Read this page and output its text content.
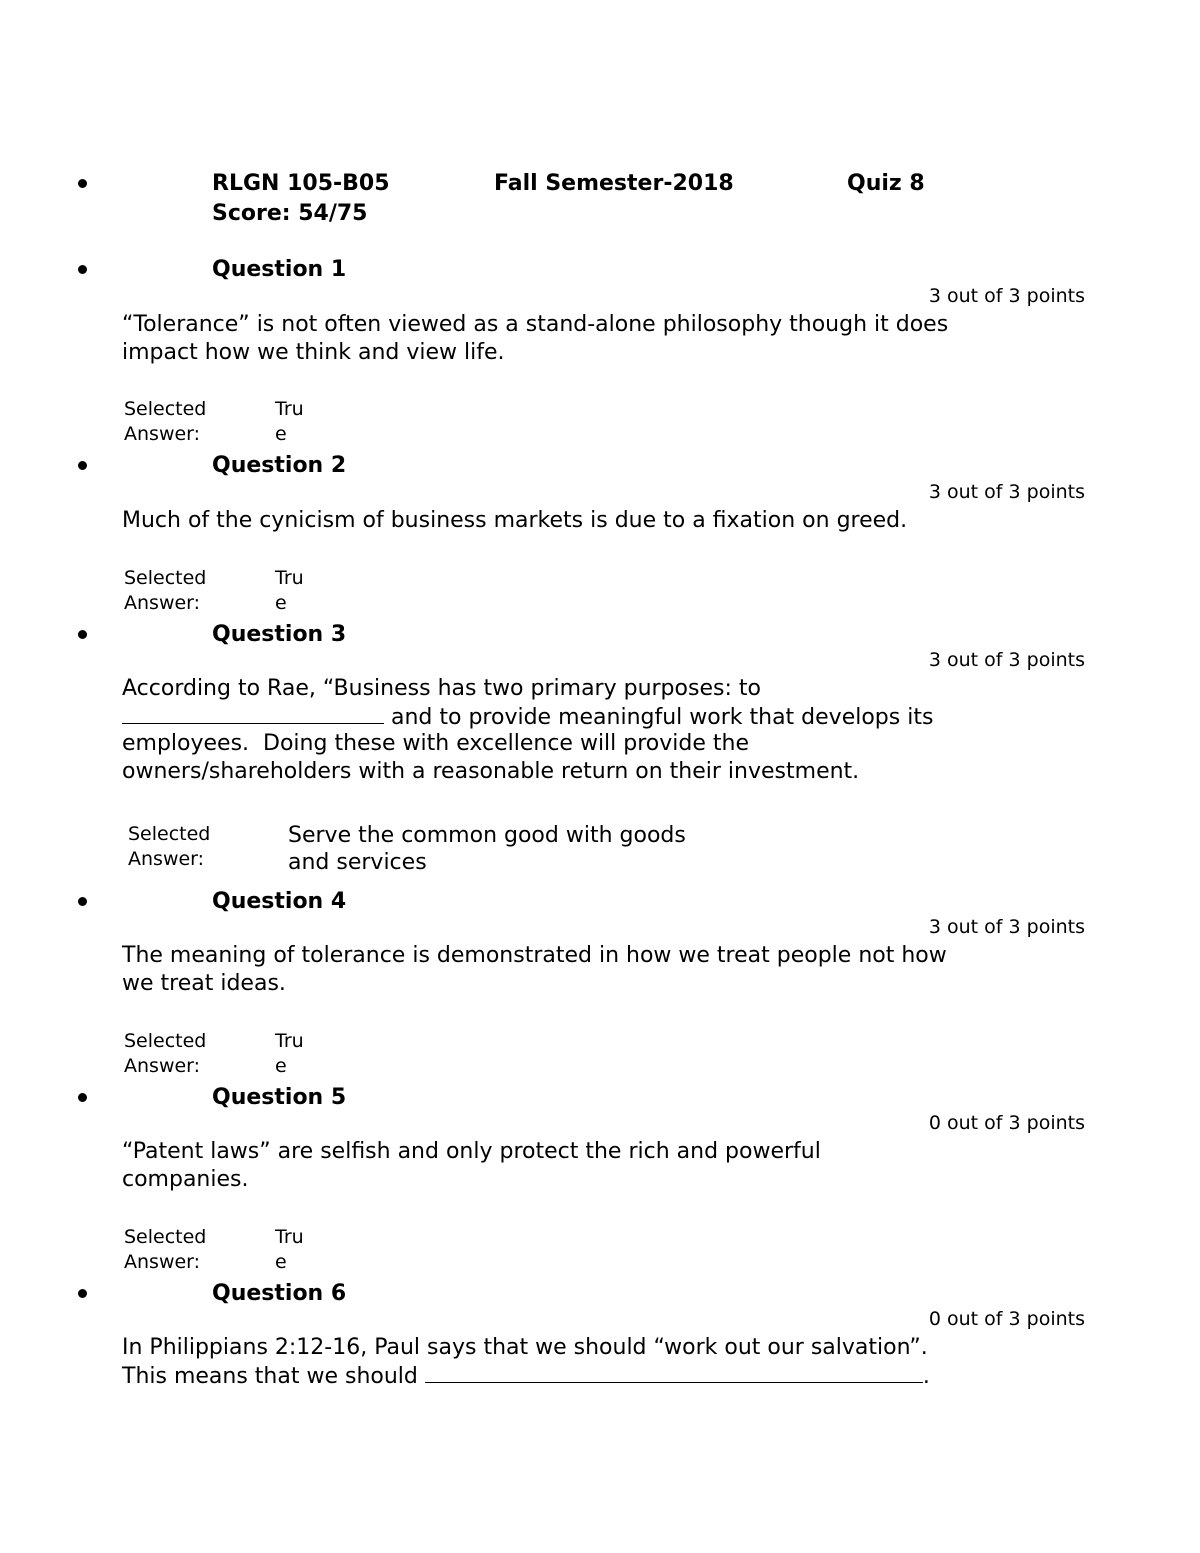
RLGN 105-B05	Fall Semester-2018	Quiz 8
Score: 54/75
Question 1
3 out of 3 points
“Tolerance” is not often viewed as a stand-alone philosophy though it does
impact how we think and view life.
Selected
Answer:
Tru
e
Question 2
3 out of 3 points
Much of the cynicism of business markets is due to a fixation on greed.
Selected
Answer:
Tru
e
Question 3
3 out of 3 points
According to Rae, “Business has two primary purposes: to
and to provide meaningful work that develops its
employees.  Doing these with excellence will provide the
owners/shareholders with a reasonable return on their investment.
Selected
Answer:
Serve the common good with goods
and services
Question 4
3 out of 3 points
The meaning of tolerance is demonstrated in how we treat people not how
we treat ideas.
Selected
Answer:
Tru
e
Question 5
0 out of 3 points
“Patent laws” are selfish and only protect the rich and powerful
companies.
Selected
Answer:
Tru
e
Question 6
0 out of 3 points
In Philippians 2:12-16, Paul says that we should “work out our salvation”.
This means that we should	.
